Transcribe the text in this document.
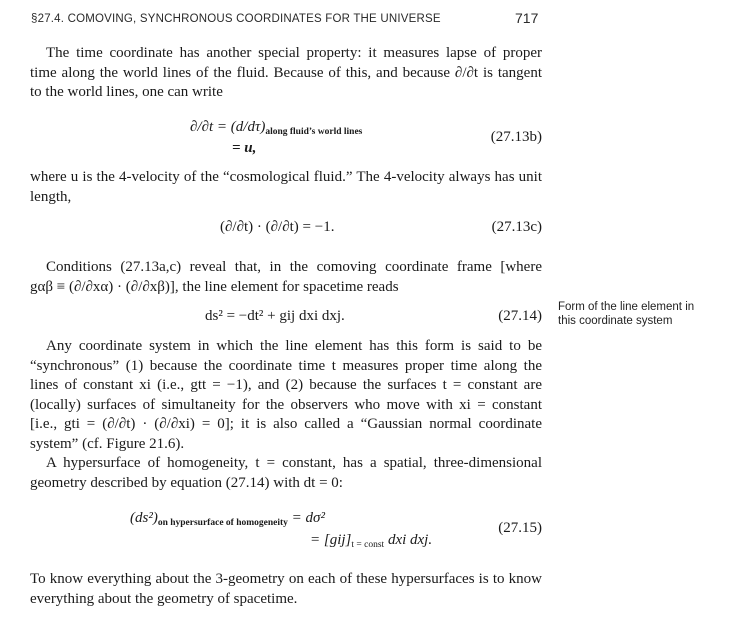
§27.4. COMOVING, SYNCHRONOUS COORDINATES FOR THE UNIVERSE	717

The time coordinate has another special property: it measures lapse of proper
time along the world lines of the fluid. Because of this, and because ∂/∂t is tangent
to the world lines, one can write

$\partial/\partial t = (d/d\tau)_{along fluid’s world lines}$
= u,
(27.13b)

where u is the 4-velocity of the “cosmological fluid.” The 4-velocity always has unit
length,

(∂/∂t) · (∂/∂t) = −1.	(27.13c)

Conditions (27.13a,c) reveal that, in the comoving coordinate frame [where
gαβ ≡ (∂/∂xα) · (∂/∂xβ)], the line element for spacetime reads

ds² = −dt² + gij dxi dxj.	(27.14)
Form of the line element in
this coordinate system

Any coordinate system in which the line element has this form is said to be
“synchronous” (1) because the coordinate time t measures proper time along the
lines of constant xi (i.e., gtt = −1), and (2) because the surfaces t = constant are
(locally) surfaces of simultaneity for the observers who move with xi = constant
[i.e., gti = (∂/∂t) · (∂/∂xi) = 0]; it is also called a “Gaussian normal coordinate
system” (cf. Figure 21.6).

A hypersurface of homogeneity, t = constant, has a spatial, three-dimensional
geometry described by equation (27.14) with dt = 0:

$(ds^2)_{on hypersurface of homogeneity} = d\sigma^2$
= $[gij]_{t = const}$ dxi dxj.
(27.15)

To know everything about the 3-geometry on each of these hypersurfaces is to know
everything about the geometry of spacetime.
